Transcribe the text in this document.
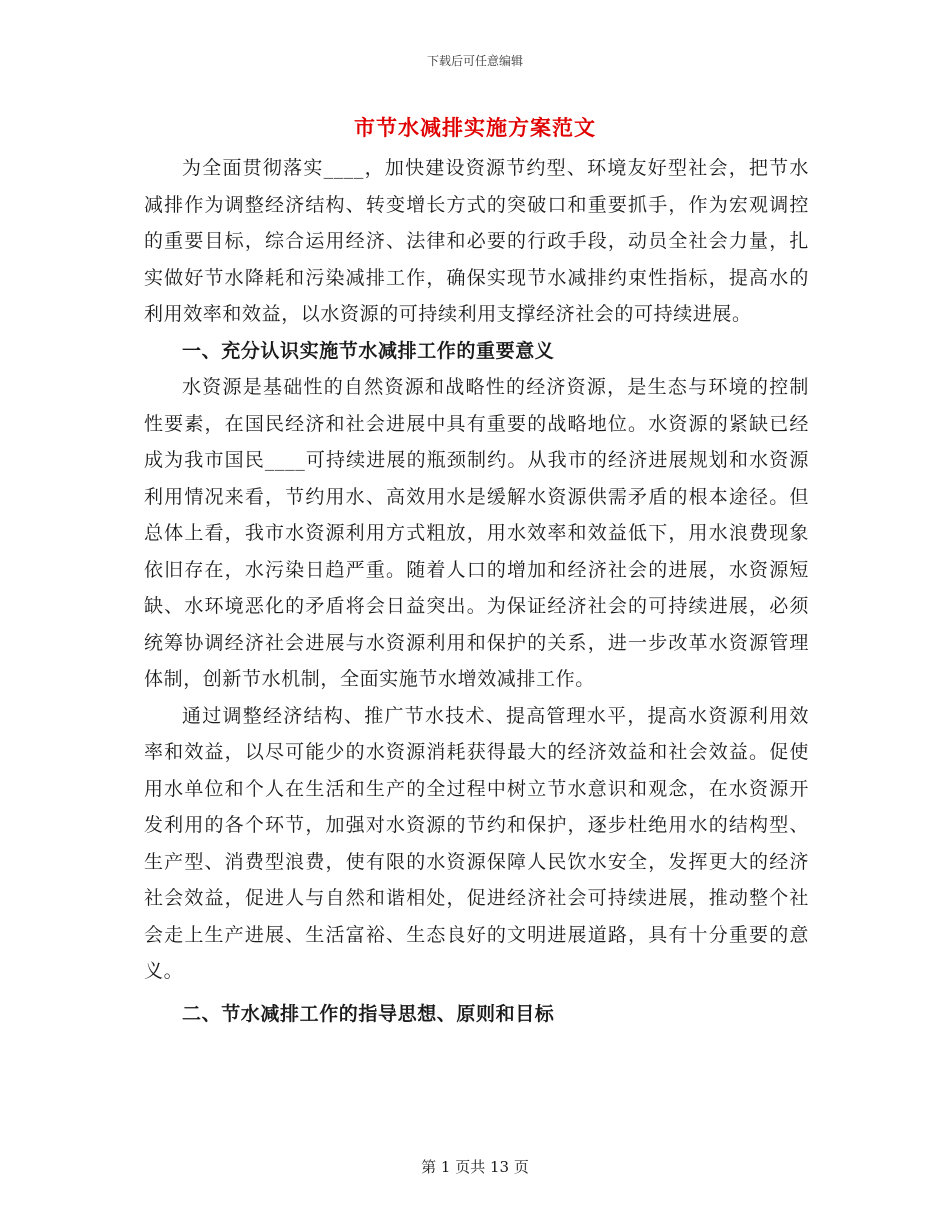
下载后可任意编辑
市节水减排实施方案范文

为全面贯彻落实____，加快建设资源节约型、环境友好型社会，把节水减排作为调整经济结构、转变增长方式的突破口和重要抓手，作为宏观调控的重要目标，综合运用经济、法律和必要的行政手段，动员全社会力量，扎实做好节水降耗和污染减排工作，确保实现节水减排约束性指标，提高水的利用效率和效益，以水资源的可持续利用支撑经济社会的可持续进展。

一、充分认识实施节水减排工作的重要意义

水资源是基础性的自然资源和战略性的经济资源，是生态与环境的控制性要素，在国民经济和社会进展中具有重要的战略地位。水资源的紧缺已经成为我市国民____可持续进展的瓶颈制约。从我市的经济进展规划和水资源利用情况来看，节约用水、高效用水是缓解水资源供需矛盾的根本途径。但总体上看，我市水资源利用方式粗放，用水效率和效益低下，用水浪费现象依旧存在，水污染日趋严重。随着人口的增加和经济社会的进展，水资源短缺、水环境恶化的矛盾将会日益突出。为保证经济社会的可持续进展，必须统筹协调经济社会进展与水资源利用和保护的关系，进一步改革水资源管理体制，创新节水机制，全面实施节水增效减排工作。

通过调整经济结构、推广节水技术、提高管理水平，提高水资源利用效率和效益，以尽可能少的水资源消耗获得最大的经济效益和社会效益。促使用水单位和个人在生活和生产的全过程中树立节水意识和观念，在水资源开发利用的各个环节，加强对水资源的节约和保护，逐步杜绝用水的结构型、生产型、消费型浪费，使有限的水资源保障人民饮水安全，发挥更大的经济社会效益，促进人与自然和谐相处，促进经济社会可持续进展，推动整个社会走上生产进展、生活富裕、生态良好的文明进展道路，具有十分重要的意义。

二、节水减排工作的指导思想、原则和目标

第 1 页共 13 页
